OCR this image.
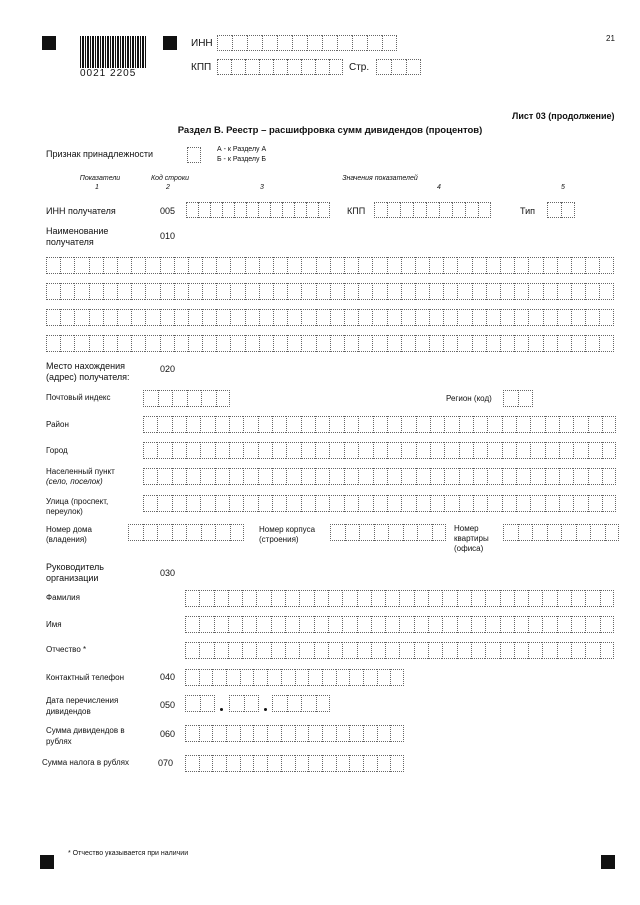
0021 2205
21
ИНН
КПП	Стр.
Лист 03 (продолжение)
Раздел В. Реестр – расшифровка сумм дивидендов (процентов)
Признак принадлежности	А - к Разделу А
Б - к Разделу Б
Показатели	Код строки	Значения показателей
1	2	3	4	5
ИНН получателя	005	КПП	Тип
Наименование
получателя
010
Место нахождения
(адрес) получателя:
020
Почтовый индекс	Регион (код)
Район
Город
Населенный пункт
(село, поселок)
Улица (проспект,
переулок)
Номер дома
(владения)
Номер корпуса
(строения)
Номер
квартиры
(офиса)
Руководитель
организации	030
Фамилия
Имя
Отчество *
Контактный телефон	040
Дата перечисления
дивидендов
050
Сумма дивидендов в
рублях
060
Сумма налога в рублях	070
* Отчество указывается при наличии
